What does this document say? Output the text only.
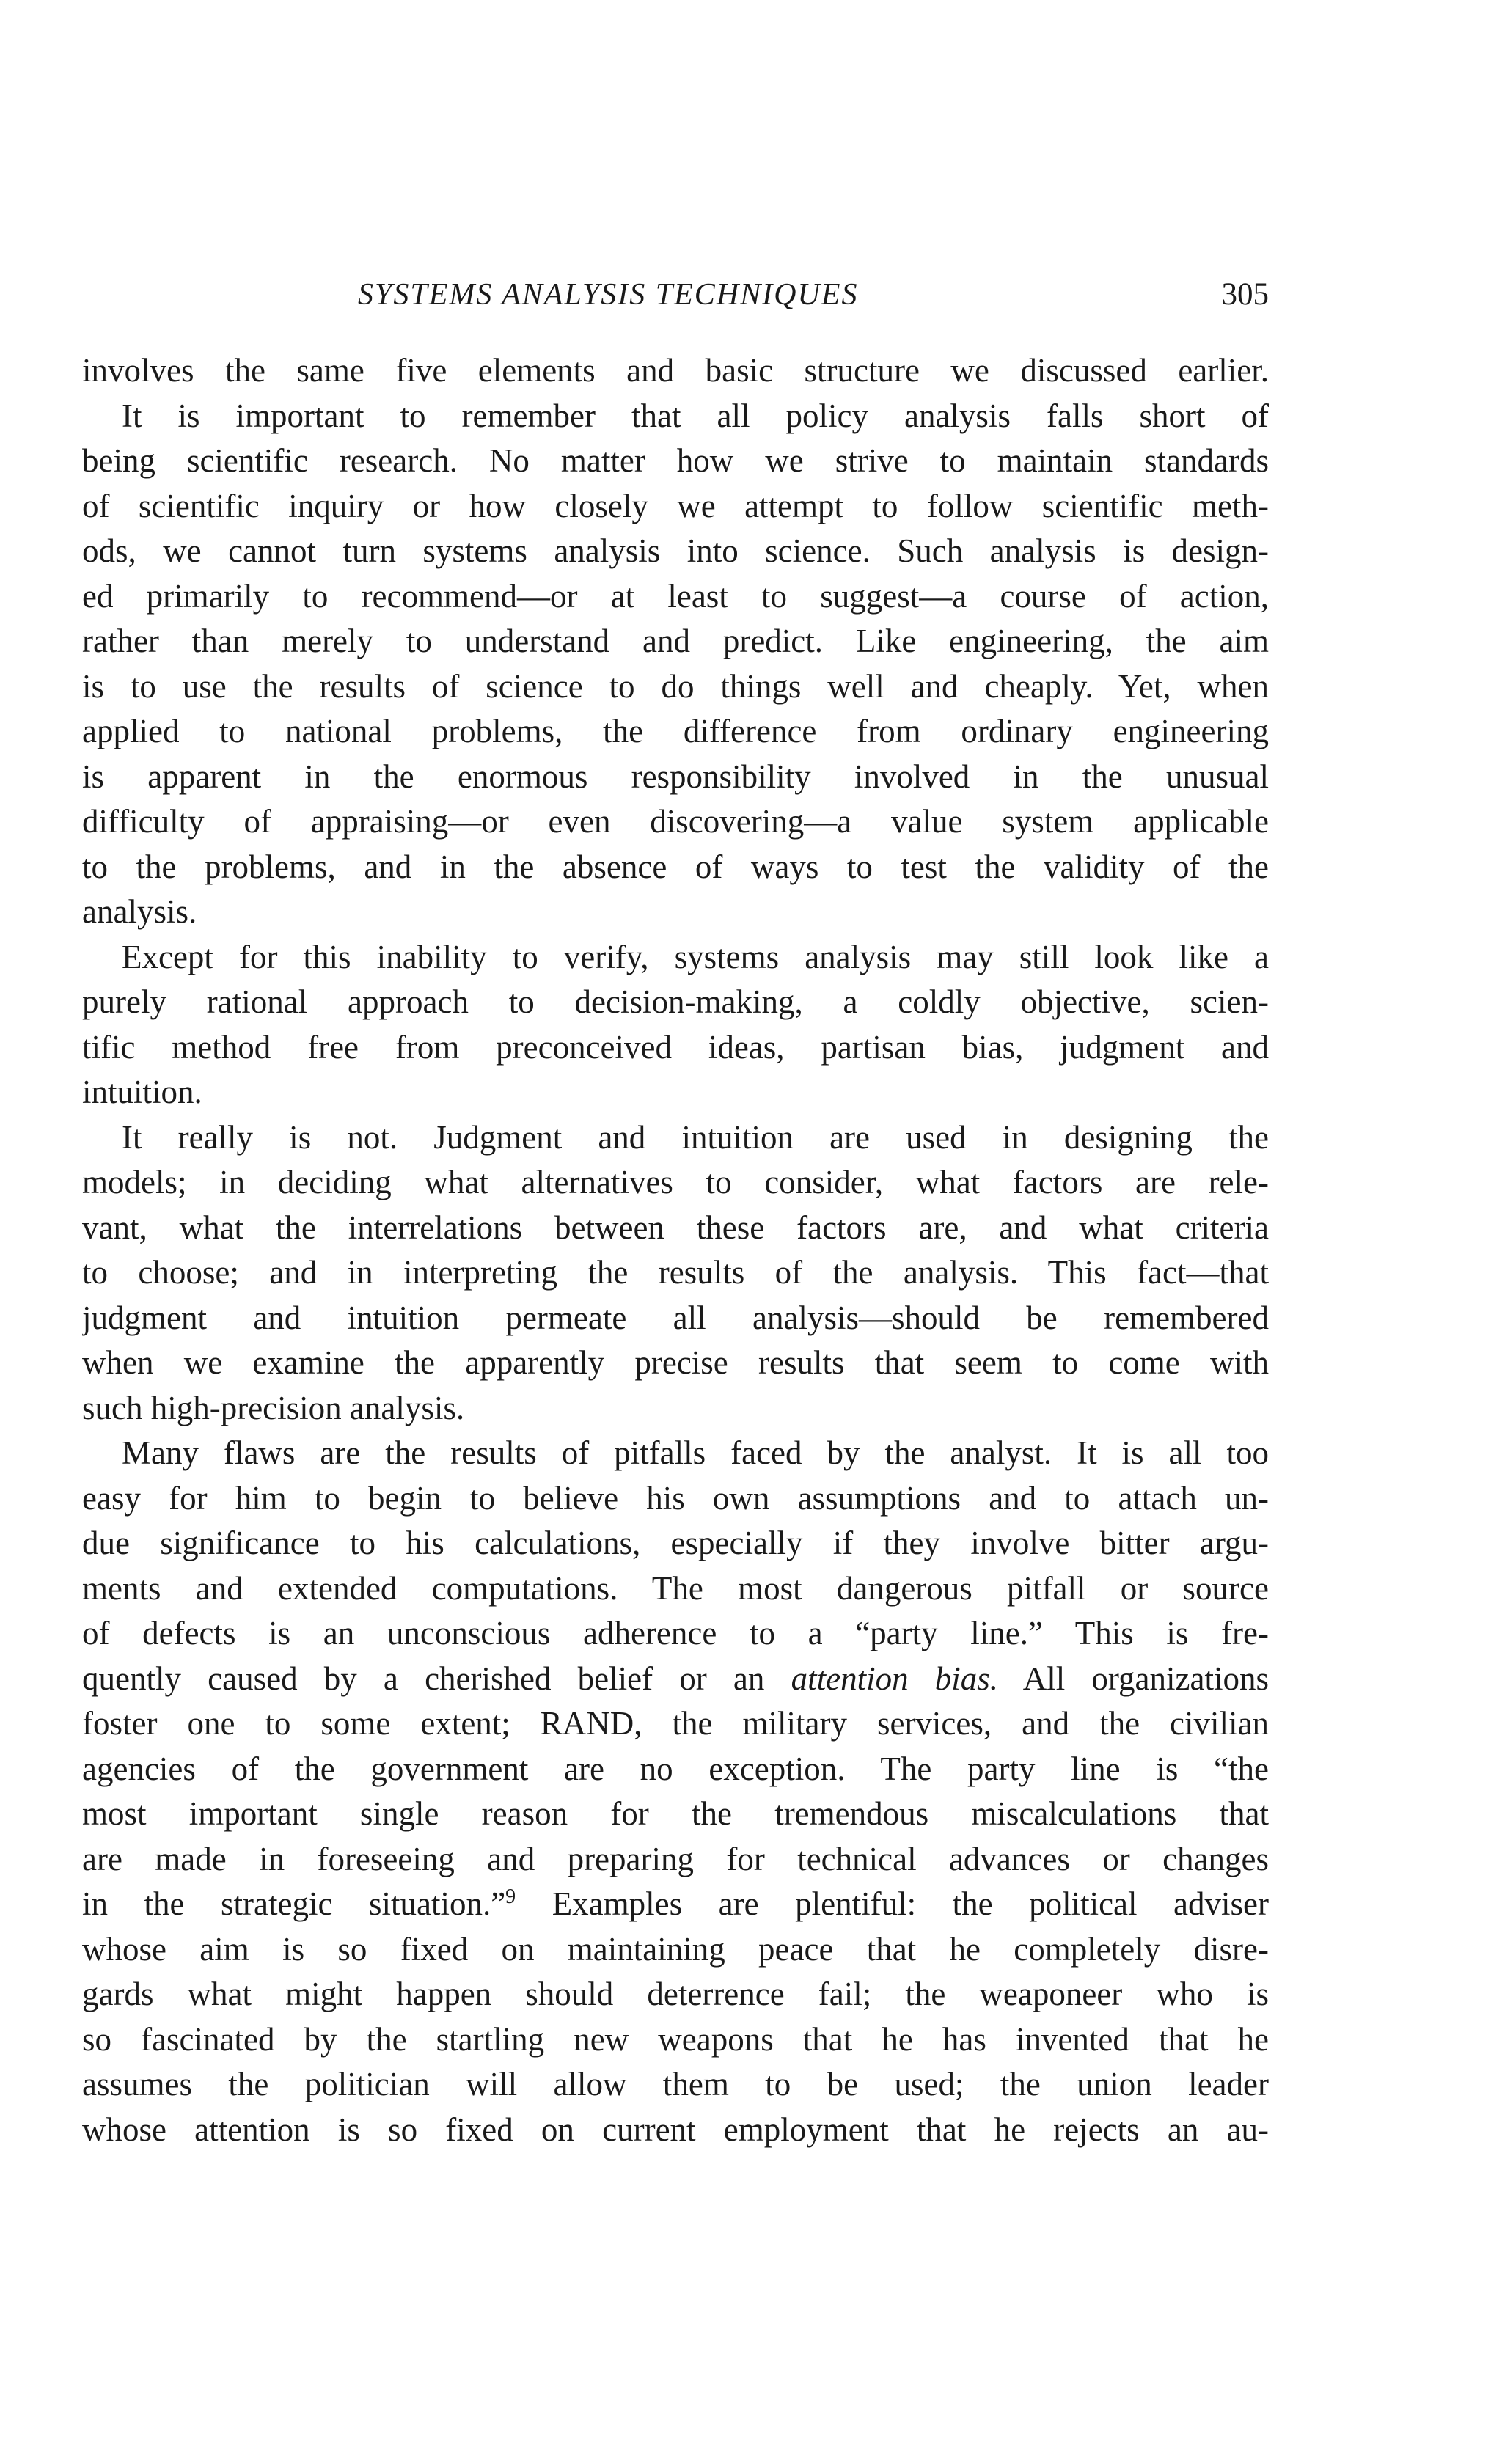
SYSTEMS ANALYSIS TECHNIQUES	305
involves the same five elements and basic structure we discussed earlier.
It is important to remember that all policy analysis falls short of
being scientific research. No matter how we strive to maintain standards
of scientific inquiry or how closely we attempt to follow scientific meth-
ods, we cannot turn systems analysis into science. Such analysis is design-
ed primarily to recommend—or at least to suggest—a course of action,
rather than merely to understand and predict. Like engineering, the aim
is to use the results of science to do things well and cheaply. Yet, when
applied to national problems, the difference from ordinary engineering
is apparent in the enormous responsibility involved in the unusual
difficulty of appraising—or even discovering—a value system applicable
to the problems, and in the absence of ways to test the validity of the
analysis.
Except for this inability to verify, systems analysis may still look like a
purely rational approach to decision-making, a coldly objective, scien-
tific method free from preconceived ideas, partisan bias, judgment and
intuition.
It really is not. Judgment and intuition are used in designing the
models; in deciding what alternatives to consider, what factors are rele-
vant, what the interrelations between these factors are, and what criteria
to choose; and in interpreting the results of the analysis. This fact—that
judgment and intuition permeate all analysis—should be remembered
when we examine the apparently precise results that seem to come with
such high-precision analysis.
Many flaws are the results of pitfalls faced by the analyst. It is all too
easy for him to begin to believe his own assumptions and to attach un-
due significance to his calculations, especially if they involve bitter argu-
ments and extended computations. The most dangerous pitfall or source
of defects is an unconscious adherence to a “party line.” This is fre-
quently caused by a cherished belief or an attention bias. All organizations
foster one to some extent; RAND, the military services, and the civilian
agencies of the government are no exception. The party line is “the
most important single reason for the tremendous miscalculations that
are made in foreseeing and preparing for technical advances or changes
in the strategic situation.”$^9$ Examples are plentiful: the political adviser
whose aim is so fixed on maintaining peace that he completely disre-
gards what might happen should deterrence fail; the weaponeer who is
so fascinated by the startling new weapons that he has invented that he
assumes the politician will allow them to be used; the union leader
whose attention is so fixed on current employment that he rejects an au-
